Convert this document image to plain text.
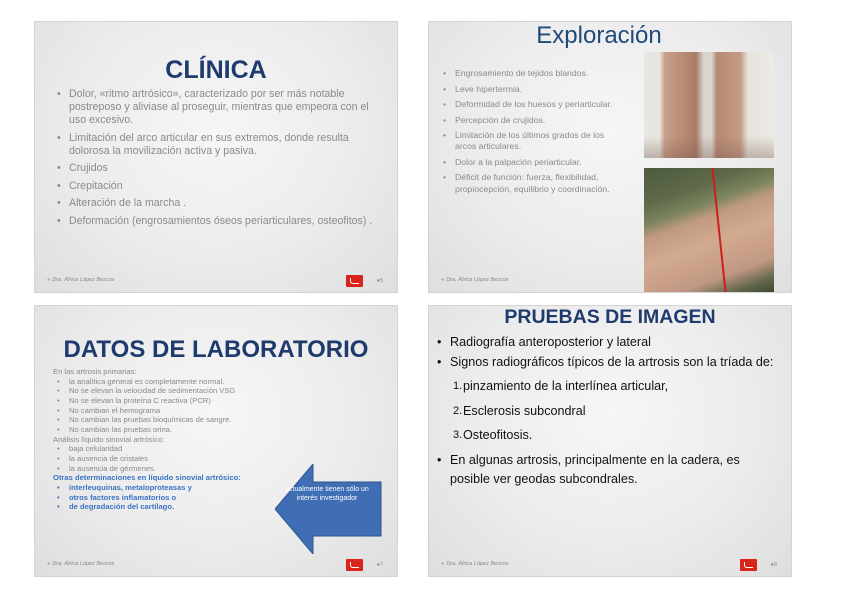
CLÍNICA
• Dolor, «ritmo artrósico», caracterizado por ser más notable postreposo y aliviase al proseguir, mientras que empeora con el uso excesivo.
• Limitación del arco articular en sus extremos, donde resulta dolorosa la movilización activa y pasiva.
• Crujidos
• Crepitación
• Alteración de la marcha .
• Deformación (engrosamientos óseos periarticulares, osteofitos) .
● Dra. África López Bescos	●5
Exploración
• Engrosamiento de tejidos blandos.
• Leve hipertermia.
• Deformidad de los huesos y periarticular.
• Percepción de crujidos.
• Limitación de los últimos grados de los arcos articulares.
• Dolor a la palpación periarticular.
• Déficit de función: fuerza, flexibilidad, propiocepción, equilibrio y coordinación.
● Dra. África López Bescos
DATOS DE LABORATORIO
En las artrosis primarias:
• la analítica general es completamente normal.
• No se elevan la velocidad de sedimentación VSG
• No se elevan la proteína C reactiva (PCR)
• No cambian el hemograma
• No cambian las pruebas bioquímicas de sangre.
• No cambian las pruebas orina.
Análisis líquido sinovial artrósico:
• baja celularidad
• la ausencia de cristales
• la ausencia de gérmenes.
Otras determinaciones en líquido sinovial artrósico:
• interleuquinas, metaloproteasas y
• otros factores inflamatorios o
• de degradación del cartílago.
actualmente tienen sólo un interés investigador
● Dra. África López Bescos	●7
PRUEBAS DE IMAGEN
• Radiografía anteroposterior y lateral
• Signos radiográficos típicos de la artrosis son la tríada de:
1. pinzamiento de la interlínea articular,
2. Esclerosis subcondral
3. Osteofitosis.
• En algunas artrosis, principalmente en la cadera, es posible ver geodas subcondrales.
● Dra. África López Bescos	●8
